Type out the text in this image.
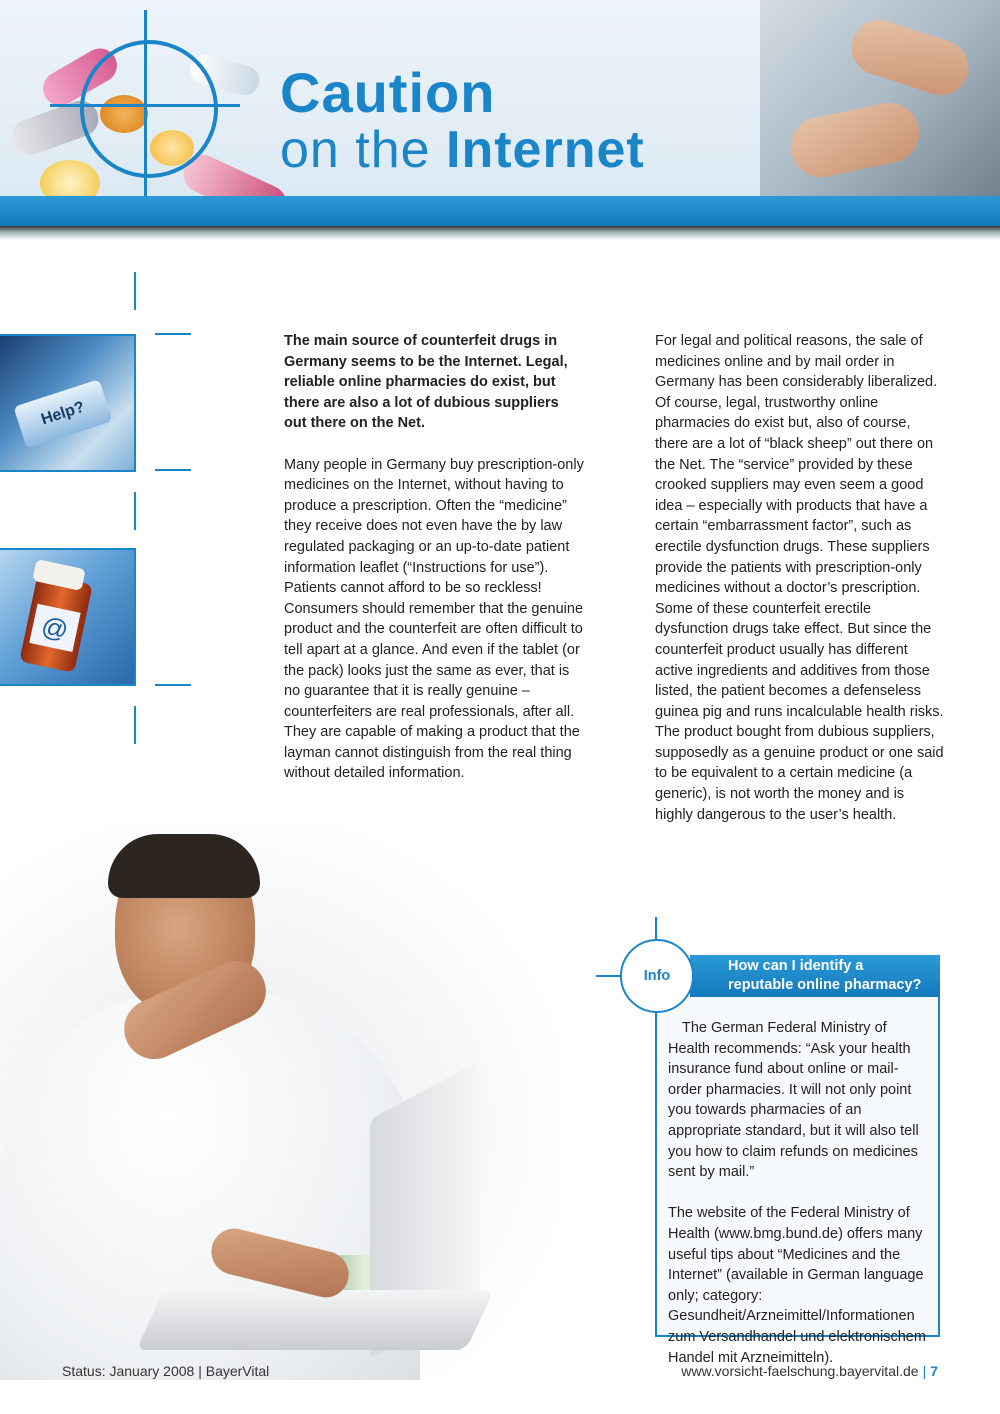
Caution
on the Internet
Help?
@

The main source of counterfeit drugs in Germany seems to be the Internet. Legal, reliable online pharmacies do exist, but there are also a lot of dubious suppliers out there on the Net.

Many people in Germany buy prescription-only medicines on the Internet, without having to produce a prescription. Often the “medicine” they receive does not even have the by law regulated packaging or an up-to-date patient information leaflet (“Instructions for use”). Patients cannot afford to be so reckless! Consumers should remember that the genuine product and the counterfeit are often difficult to tell apart at a glance. And even if the tablet (or the pack) looks just the same as ever, that is no guarantee that it is really genuine – counterfeiters are real professionals, after all. They are capable of making a product that the layman cannot distinguish from the real thing without detailed information.

For legal and political reasons, the sale of medicines online and by mail order in Germany has been considerably liberalized. Of course, legal, trustworthy online pharmacies do exist but, also of course, there are a lot of “black sheep” out there on the Net. The “service” provided by these crooked suppliers may even seem a good idea – especially with products that have a certain “embarrassment factor”, such as erectile dysfunction drugs. These suppliers provide the patients with prescription-only medicines without a doctor’s prescription. Some of these counterfeit erectile dysfunction drugs take effect. But since the counterfeit product usually has different active ingredients and additives from those listed, the patient becomes a defenseless guinea pig and runs incalculable health risks. The product bought from dubious suppliers, supposedly as a genuine product or one said to be equivalent to a certain medicine (a generic), is not worth the money and is highly dangerous to the user’s health.

How can I identify a reputable online pharmacy?
Info

The German Federal Ministry of Health recommends: “Ask your health insurance fund about online or mail-order pharmacies. It will not only point you towards pharmacies of an appropriate standard, but it will also tell you how to claim refunds on medicines sent by mail.”

The website of the Federal Ministry of Health (www.bmg.bund.de) offers many useful tips about “Medicines and the Internet” (available in German language only; category: Gesundheit/Arzneimittel/Informationen zum Versandhandel und elektronischem Handel mit Arzneimitteln).

Status: January 2008 | BayerVital	www.vorsicht-faelschung.bayervital.de | 7
